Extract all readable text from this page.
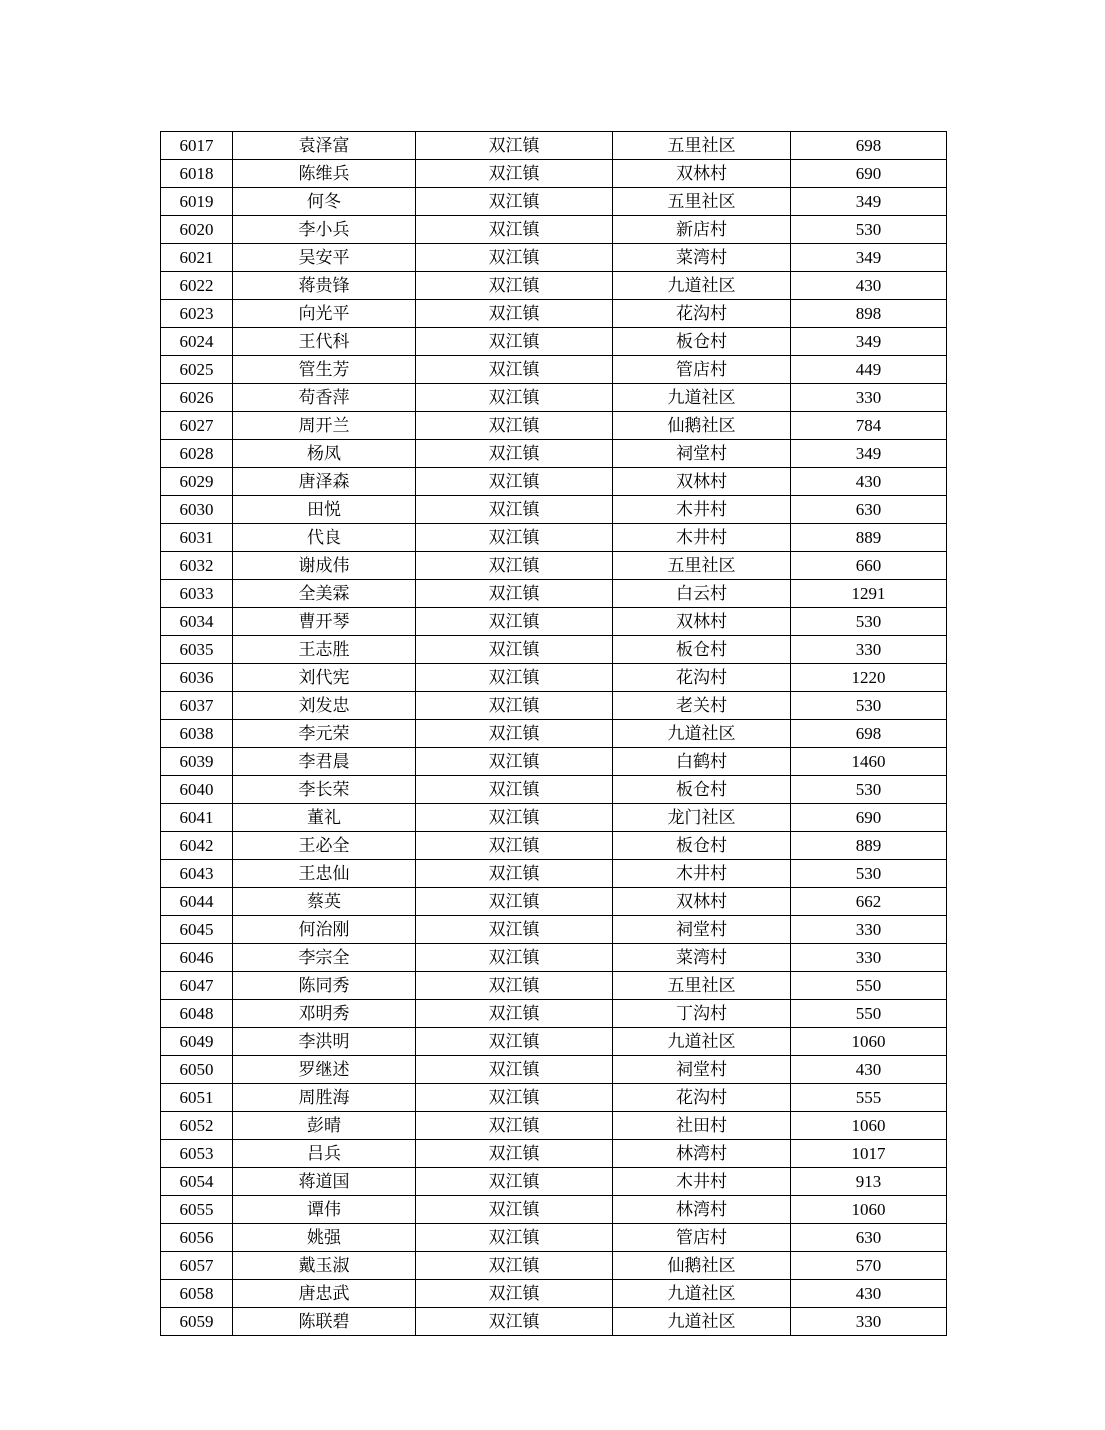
6017	袁泽富	双江镇	五里社区	698
6018	陈维兵	双江镇	双林村	690
6019	何冬	双江镇	五里社区	349
6020	李小兵	双江镇	新店村	530
6021	吴安平	双江镇	菜湾村	349
6022	蒋贵锋	双江镇	九道社区	430
6023	向光平	双江镇	花沟村	898
6024	王代科	双江镇	板仓村	349
6025	管生芳	双江镇	管店村	449
6026	苟香萍	双江镇	九道社区	330
6027	周开兰	双江镇	仙鹅社区	784
6028	杨凤	双江镇	祠堂村	349
6029	唐泽森	双江镇	双林村	430
6030	田悦	双江镇	木井村	630
6031	代良	双江镇	木井村	889
6032	谢成伟	双江镇	五里社区	660
6033	全美霖	双江镇	白云村	1291
6034	曹开琴	双江镇	双林村	530
6035	王志胜	双江镇	板仓村	330
6036	刘代宪	双江镇	花沟村	1220
6037	刘发忠	双江镇	老关村	530
6038	李元荣	双江镇	九道社区	698
6039	李君晨	双江镇	白鹤村	1460
6040	李长荣	双江镇	板仓村	530
6041	董礼	双江镇	龙门社区	690
6042	王必全	双江镇	板仓村	889
6043	王忠仙	双江镇	木井村	530
6044	蔡英	双江镇	双林村	662
6045	何治刚	双江镇	祠堂村	330
6046	李宗全	双江镇	菜湾村	330
6047	陈同秀	双江镇	五里社区	550
6048	邓明秀	双江镇	丁沟村	550
6049	李洪明	双江镇	九道社区	1060
6050	罗继述	双江镇	祠堂村	430
6051	周胜海	双江镇	花沟村	555
6052	彭晴	双江镇	社田村	1060
6053	吕兵	双江镇	林湾村	1017
6054	蒋道国	双江镇	木井村	913
6055	谭伟	双江镇	林湾村	1060
6056	姚强	双江镇	管店村	630
6057	戴玉淑	双江镇	仙鹅社区	570
6058	唐忠武	双江镇	九道社区	430
6059	陈联碧	双江镇	九道社区	330
